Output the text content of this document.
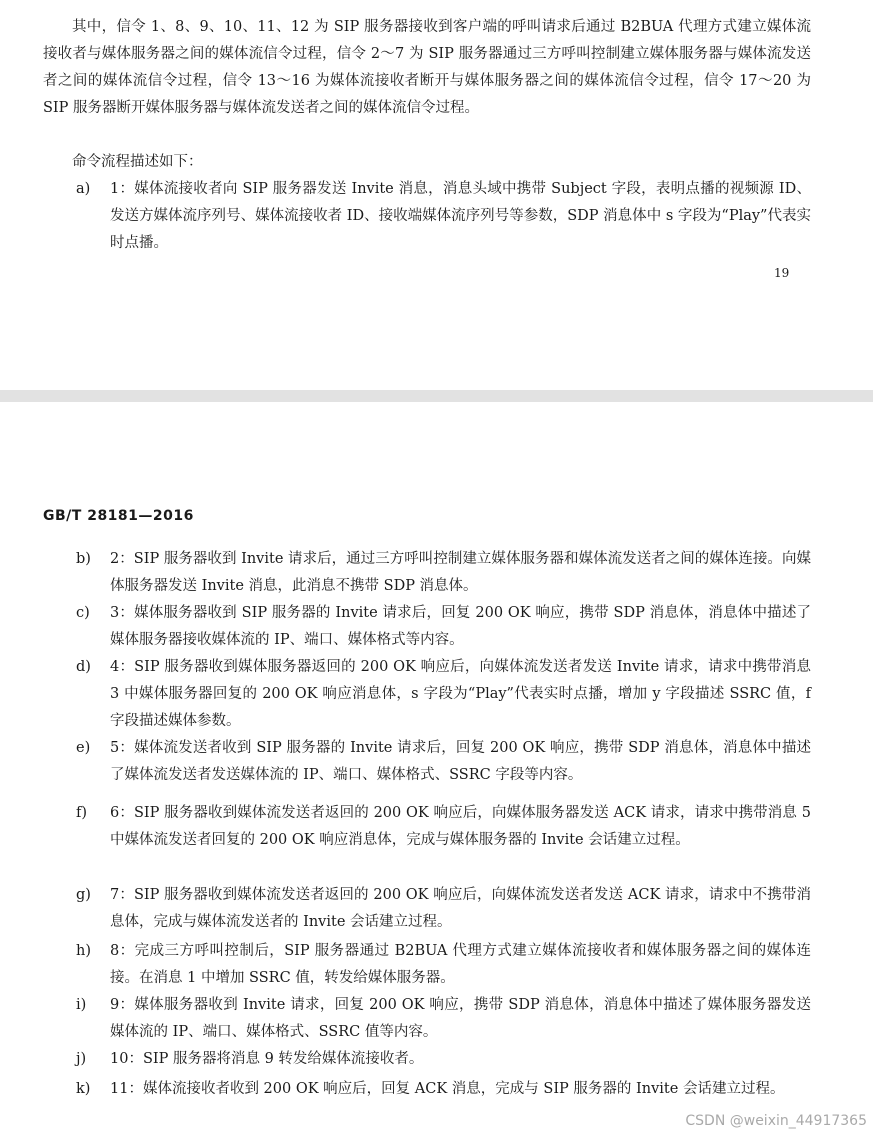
其中，信令 1、8、9、10、11、12 为 SIP 服务器接收到客户端的呼叫请求后通过 B2BUA 代理方式建立媒体流接收者与媒体服务器之间的媒体流信令过程，信令 2～7 为 SIP 服务器通过三方呼叫控制建立媒体服务器与媒体流发送者之间的媒体流信令过程，信令 13～16 为媒体流接收者断开与媒体服务器之间的媒体流信令过程，信令 17～20 为 SIP 服务器断开媒体服务器与媒体流发送者之间的媒体流信令过程。

命令流程描述如下：

a)	1：媒体流接收者向 SIP 服务器发送 Invite 消息，消息头域中携带 Subject 字段，表明点播的视频源 ID、发送方媒体流序列号、媒体流接收者 ID、接收端媒体流序列号等参数，SDP 消息体中 s 字段为“Play”代表实时点播。
19
GB/T 28181—2016
b)	2：SIP 服务器收到 Invite 请求后，通过三方呼叫控制建立媒体服务器和媒体流发送者之间的媒体连接。向媒体服务器发送 Invite 消息，此消息不携带 SDP 消息体。
c)	3：媒体服务器收到 SIP 服务器的 Invite 请求后，回复 200 OK 响应，携带 SDP 消息体，消息体中描述了媒体服务器接收媒体流的 IP、端口、媒体格式等内容。
d)	4：SIP 服务器收到媒体服务器返回的 200 OK 响应后，向媒体流发送者发送 Invite 请求，请求中携带消息 3 中媒体服务器回复的 200 OK 响应消息体，s 字段为“Play”代表实时点播，增加 y 字段描述 SSRC 值，f 字段描述媒体参数。
e)	5：媒体流发送者收到 SIP 服务器的 Invite 请求后，回复 200 OK 响应，携带 SDP 消息体，消息体中描述了媒体流发送者发送媒体流的 IP、端口、媒体格式、SSRC 字段等内容。
f)	6：SIP 服务器收到媒体流发送者返回的 200 OK 响应后，向媒体服务器发送 ACK 请求，请求中携带消息 5 中媒体流发送者回复的 200 OK 响应消息体，完成与媒体服务器的 Invite 会话建立过程。
g)	7：SIP 服务器收到媒体流发送者返回的 200 OK 响应后，向媒体流发送者发送 ACK 请求，请求中不携带消息体，完成与媒体流发送者的 Invite 会话建立过程。
h)	8：完成三方呼叫控制后，SIP 服务器通过 B2BUA 代理方式建立媒体流接收者和媒体服务器之间的媒体连接。在消息 1 中增加 SSRC 值，转发给媒体服务器。
i)	9：媒体服务器收到 Invite 请求，回复 200 OK 响应，携带 SDP 消息体，消息体中描述了媒体服务器发送媒体流的 IP、端口、媒体格式、SSRC 值等内容。
j)	10：SIP 服务器将消息 9 转发给媒体流接收者。
k)	11：媒体流接收者收到 200 OK 响应后，回复 ACK 消息，完成与 SIP 服务器的 Invite 会话建立过程。
CSDN @weixin_44917365
